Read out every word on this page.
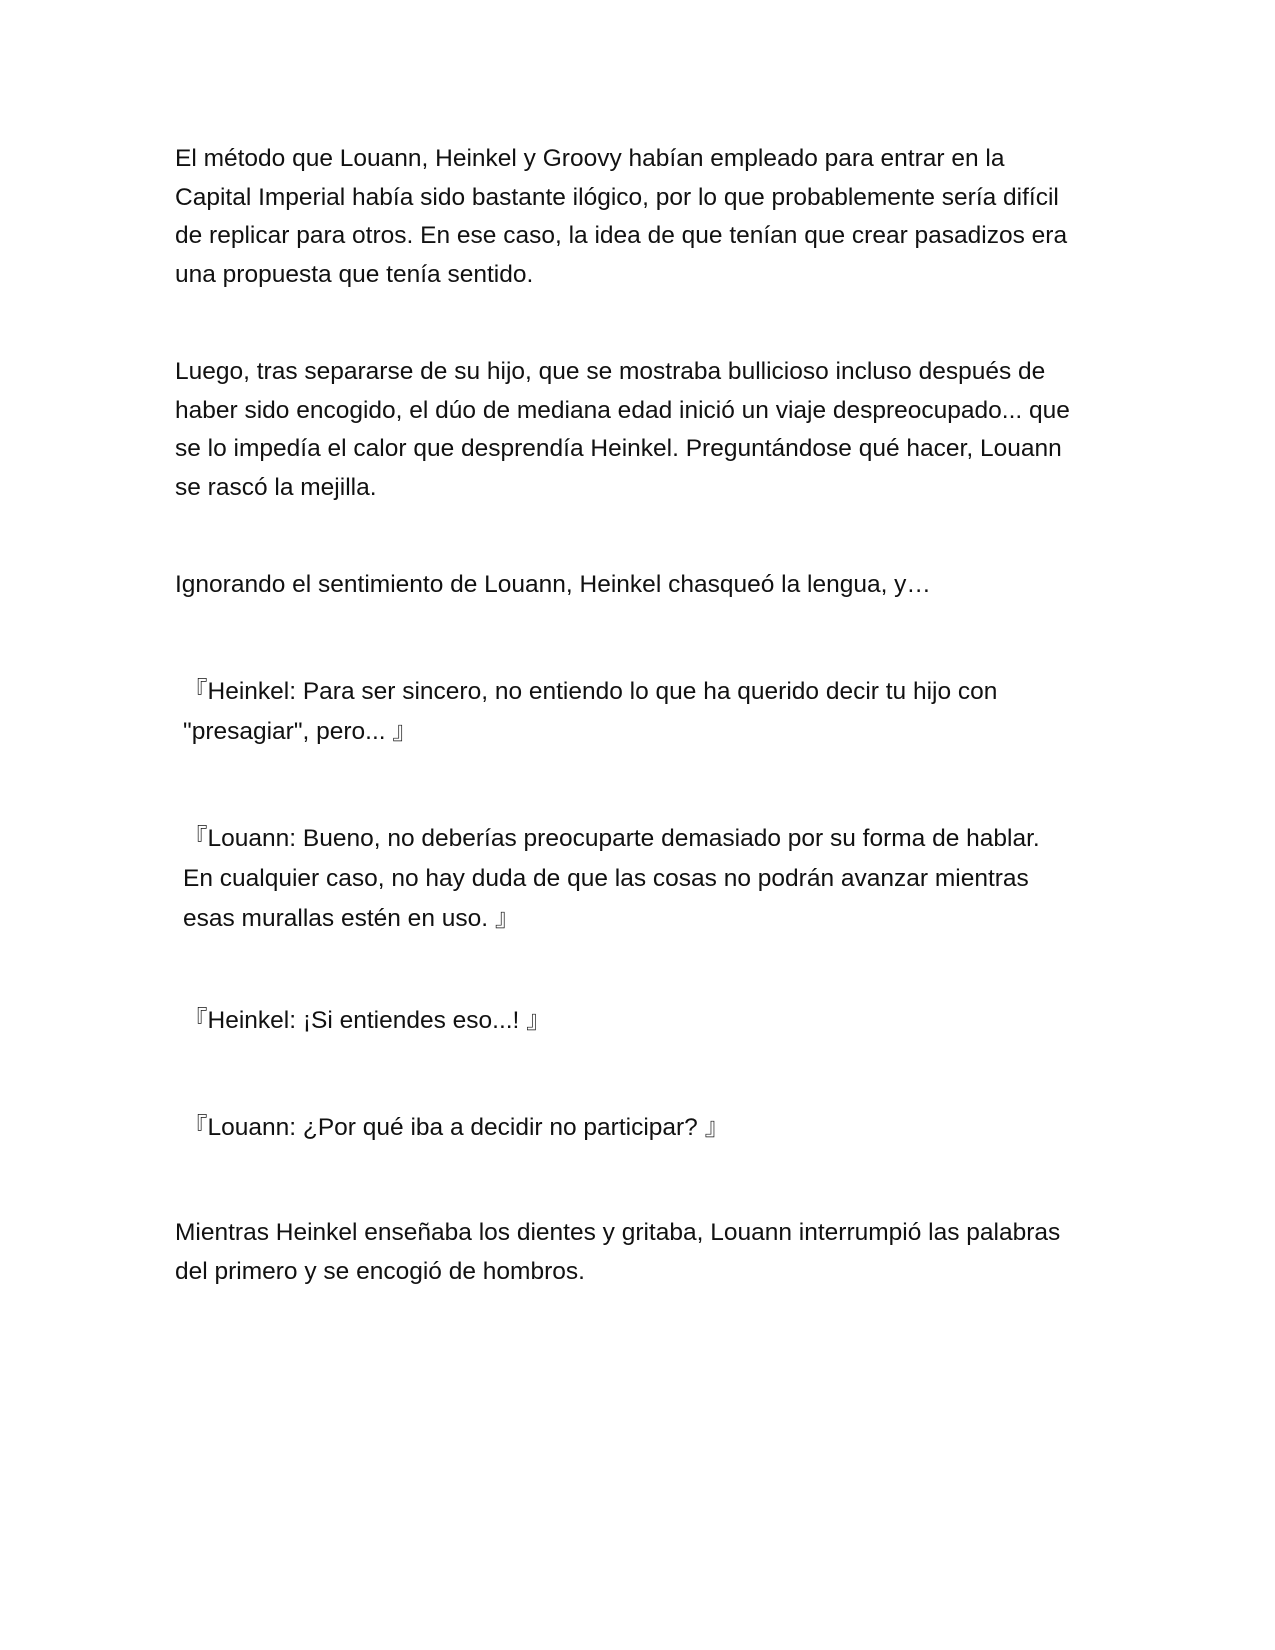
El método que Louann, Heinkel y Groovy habían empleado para entrar en la Capital Imperial había sido bastante ilógico, por lo que probablemente sería difícil de replicar para otros. En ese caso, la idea de que tenían que crear pasadizos era una propuesta que tenía sentido.

Luego, tras separarse de su hijo, que se mostraba bullicioso incluso después de haber sido encogido, el dúo de mediana edad inició un viaje despreocupado... que se lo impedía el calor que desprendía Heinkel. Preguntándose qué hacer, Louann se rascó la mejilla.

Ignorando el sentimiento de Louann, Heinkel chasqueó la lengua, y…

『Heinkel: Para ser sincero, no entiendo lo que ha querido decir tu hijo con "presagiar", pero... 』

『Louann: Bueno, no deberías preocuparte demasiado por su forma de hablar. En cualquier caso, no hay duda de que las cosas no podrán avanzar mientras esas murallas estén en uso. 』

『Heinkel: ¡Si entiendes eso...! 』

『Louann: ¿Por qué iba a decidir no participar? 』

Mientras Heinkel enseñaba los dientes y gritaba, Louann interrumpió las palabras del primero y se encogió de hombros.
